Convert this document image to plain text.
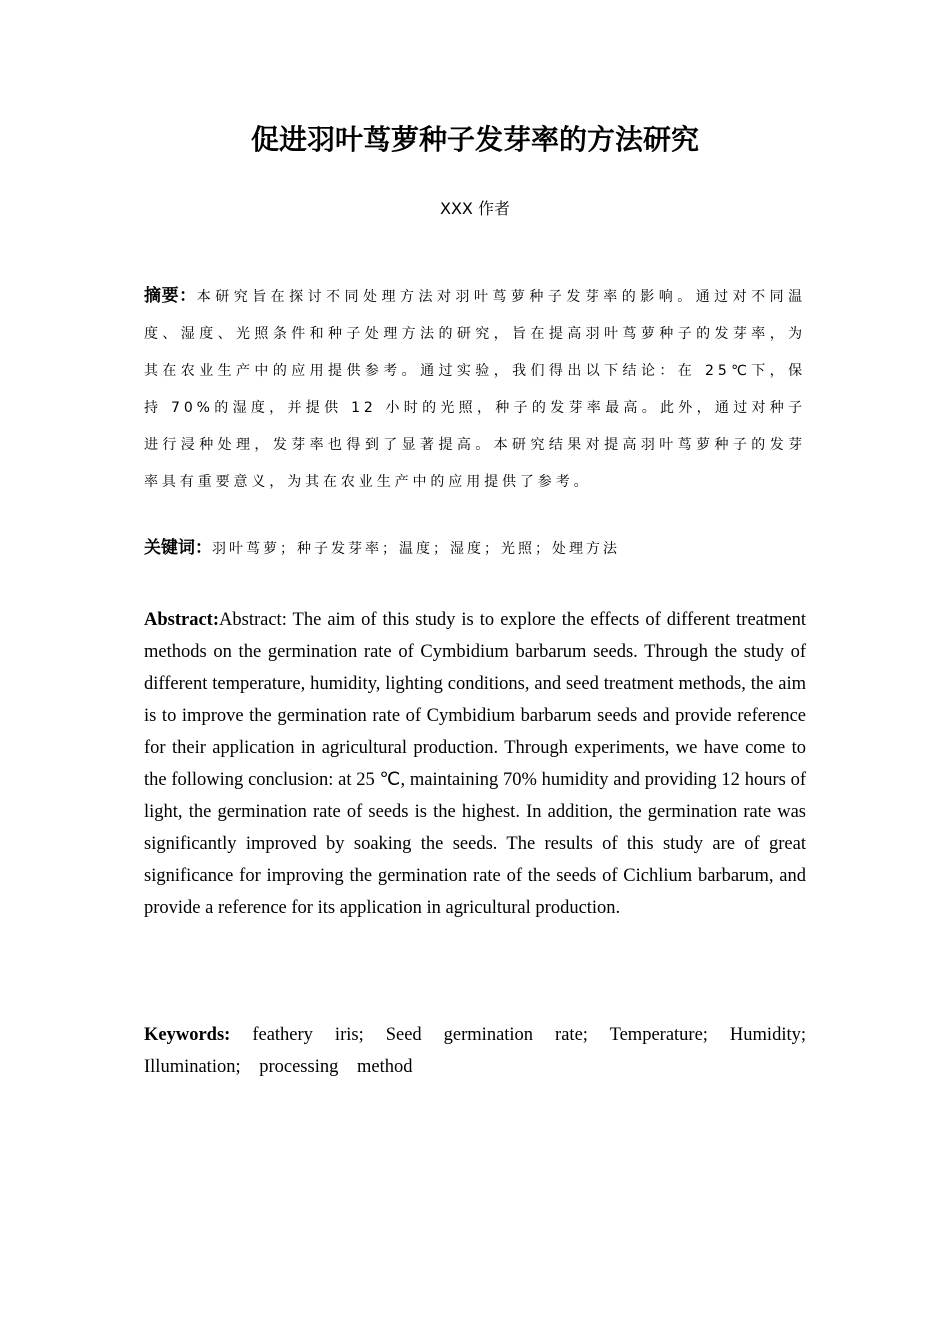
促进羽叶茑萝种子发芽率的方法研究
XXX 作者
摘要：本研究旨在探讨不同处理方法对羽叶茑萝种子发芽率的影响。通过对不同温度、湿度、光照条件和种子处理方法的研究，旨在提高羽叶茑萝种子的发芽率，为其在农业生产中的应用提供参考。通过实验，我们得出以下结论：在 25℃下，保持 70%的湿度，并提供 12 小时的光照，种子的发芽率最高。此外，通过对种子进行浸种处理，发芽率也得到了显著提高。本研究结果对提高羽叶茑萝种子的发芽率具有重要意义，为其在农业生产中的应用提供了参考。
关键词：羽叶茑萝；种子发芽率；温度；湿度；光照；处理方法
Abstract:Abstract: The aim of this study is to explore the effects of different treatment methods on the germination rate of Cymbidium barbarum seeds. Through the study of different temperature, humidity, lighting conditions, and seed treatment methods, the aim is to improve the germination rate of Cymbidium barbarum seeds and provide reference for their application in agricultural production. Through experiments, we have come to the following conclusion: at 25 ℃, maintaining 70% humidity and providing 12 hours of light, the germination rate of seeds is the highest. In addition, the germination rate was significantly improved by soaking the seeds. The results of this study are of great significance for improving the germination rate of the seeds of Cichlium barbarum, and provide a reference for its application in agricultural production.
Keywords: feathery iris; Seed germination rate; Temperature; Humidity; Illumination; processing method
